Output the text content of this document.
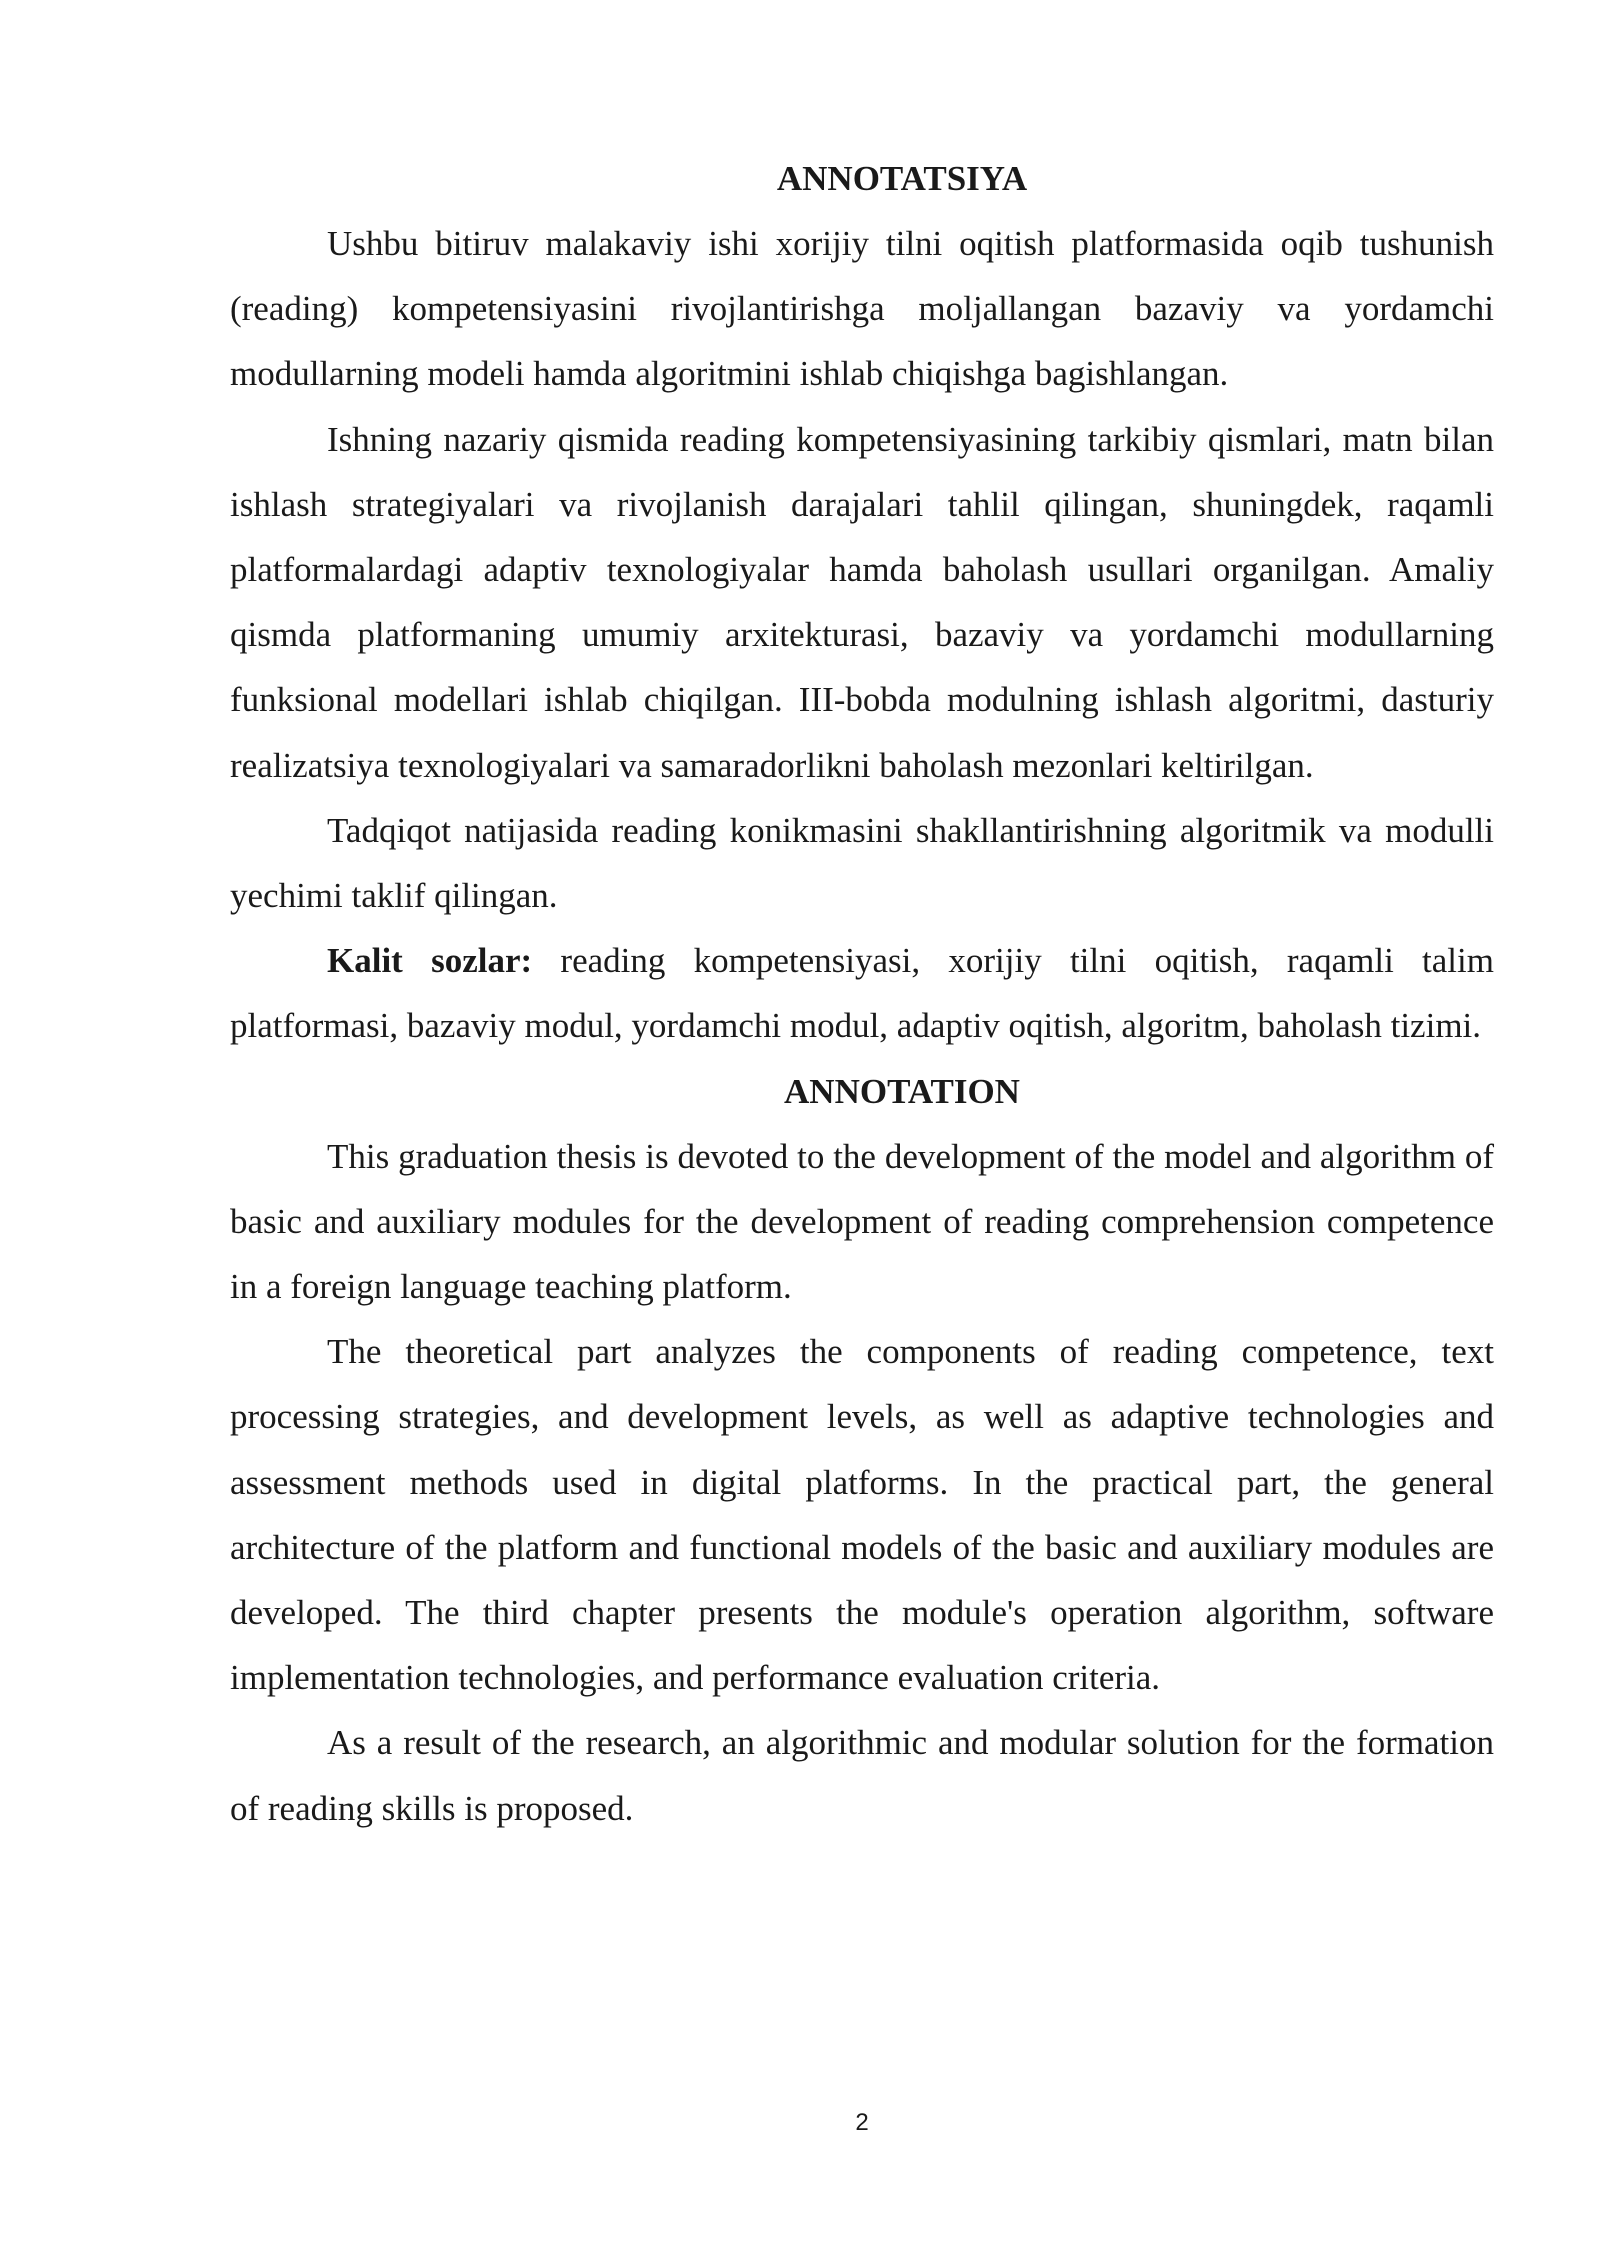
ANNOTATSIYA

Ushbu bitiruv malakaviy ishi xorijiy tilni oqitish platformasida oqib tushunish (reading) kompetensiyasini rivojlantirishga moljallangan bazaviy va yordamchi modullarning modeli hamda algoritmini ishlab chiqishga bagishlangan.

Ishning nazariy qismida reading kompetensiyasining tarkibiy qismlari, matn bilan ishlash strategiyalari va rivojlanish darajalari tahlil qilingan, shuningdek, raqamli platformalardagi adaptiv texnologiyalar hamda baholash usullari organilgan. Amaliy qismda platformaning umumiy arxitekturasi, bazaviy va yordamchi modullarning funksional modellari ishlab chiqilgan. III-bobda modulning ishlash algoritmi, dasturiy realizatsiya texnologiyalari va samaradorlikni baholash mezonlari keltirilgan.

Tadqiqot natijasida reading konikmasini shakllantirishning algoritmik va modulli yechimi taklif qilingan.

Kalit sozlar: reading kompetensiyasi, xorijiy tilni oqitish, raqamli talim platformasi, bazaviy modul, yordamchi modul, adaptiv oqitish, algoritm, baholash tizimi.

ANNOTATION

This graduation thesis is devoted to the development of the model and algorithm of basic and auxiliary modules for the development of reading comprehension competence in a foreign language teaching platform.

The theoretical part analyzes the components of reading competence, text processing strategies, and development levels, as well as adaptive technologies and assessment methods used in digital platforms. In the practical part, the general architecture of the platform and functional models of the basic and auxiliary modules are developed. The third chapter presents the module's operation algorithm, software implementation technologies, and performance evaluation criteria.

As a result of the research, an algorithmic and modular solution for the formation of reading skills is proposed.

2
